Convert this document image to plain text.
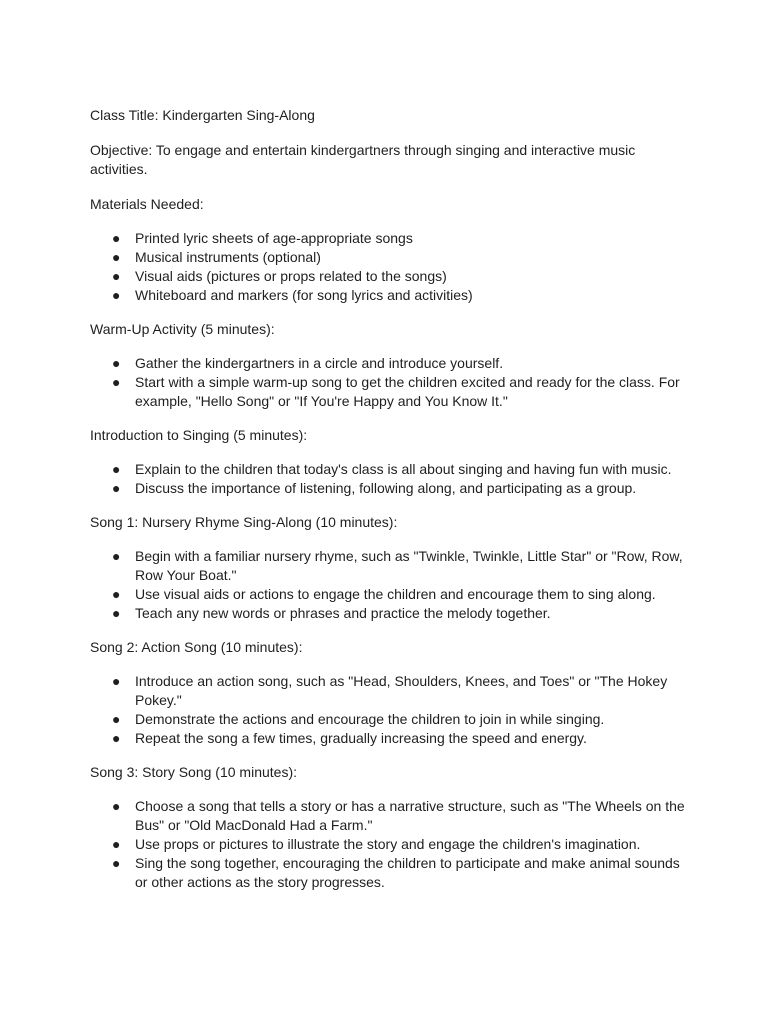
Class Title: Kindergarten Sing-Along

Objective: To engage and entertain kindergartners through singing and interactive music activities.

Materials Needed:

● Printed lyric sheets of age-appropriate songs
● Musical instruments (optional)
● Visual aids (pictures or props related to the songs)
● Whiteboard and markers (for song lyrics and activities)

Warm-Up Activity (5 minutes):

● Gather the kindergartners in a circle and introduce yourself.
● Start with a simple warm-up song to get the children excited and ready for the class. For example, "Hello Song" or "If You're Happy and You Know It."

Introduction to Singing (5 minutes):

● Explain to the children that today's class is all about singing and having fun with music.
● Discuss the importance of listening, following along, and participating as a group.

Song 1: Nursery Rhyme Sing-Along (10 minutes):

● Begin with a familiar nursery rhyme, such as "Twinkle, Twinkle, Little Star" or "Row, Row, Row Your Boat."
● Use visual aids or actions to engage the children and encourage them to sing along.
● Teach any new words or phrases and practice the melody together.

Song 2: Action Song (10 minutes):

● Introduce an action song, such as "Head, Shoulders, Knees, and Toes" or "The Hokey Pokey."
● Demonstrate the actions and encourage the children to join in while singing.
● Repeat the song a few times, gradually increasing the speed and energy.

Song 3: Story Song (10 minutes):

● Choose a song that tells a story or has a narrative structure, such as "The Wheels on the Bus" or "Old MacDonald Had a Farm."
● Use props or pictures to illustrate the story and engage the children's imagination.
● Sing the song together, encouraging the children to participate and make animal sounds or other actions as the story progresses.
